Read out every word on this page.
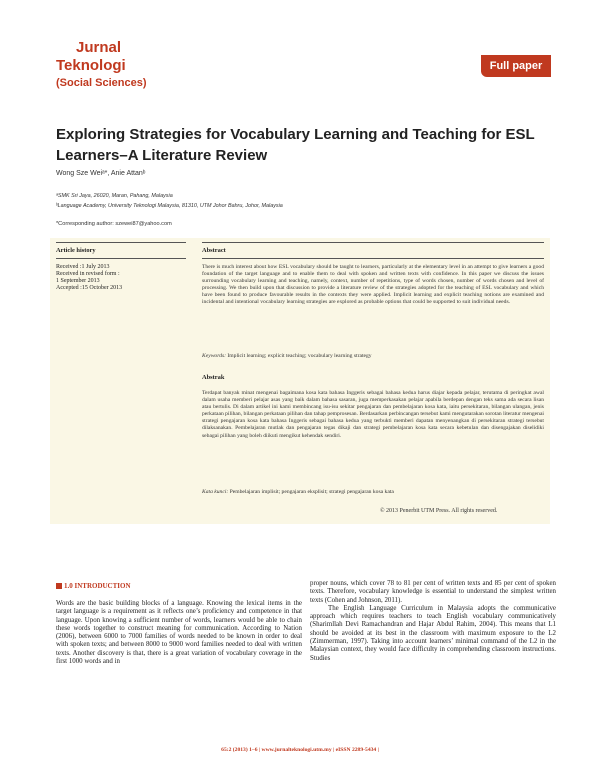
Jurnal
Teknologi
(Social Sciences)
Full paper
Exploring Strategies for Vocabulary Learning and Teaching for ESL Learners–A Literature Review
Wong Sze Weiᵃ*, Anie Attanᵇ
ᵃSMK Sri Jaya, 26020, Maran, Pahang, Malaysia
ᵇLanguage Academy, University Teknologi Malaysia, 81310, UTM Johor Bahru, Johor, Malaysia
*Corresponding author: szewei87@yahoo.com
Article history
Received :1 July 2013
Received in revised form :
1 September 2013
Accepted :15 October 2013
Abstract
There is much interest about how ESL vocabulary should be taught to learners, particularly at the elementary level in an attempt to give learners a good foundation of the target language and to enable them to deal with spoken and written texts with confidence. In this paper we discuss the issues surrounding vocabulary learning and teaching, namely, context, number of repetitions, type of words chosen, number of words chosen and level of processing. We then build upon that discussion to provide a literature review of the strategies adopted for the teaching of ESL vocabulary and which have been found to produce favourable results in the contexts they were applied. Implicit learning and explicit teaching notions are examined and incidental and intentional vocabulary learning strategies are explored as probable options that could be supported to suit individual needs.
Keywords: Implicit learning; explicit teaching; vocabulary learning strategy
Abstrak
Terdapat banyak minat mengenai bagaimana kosa kata bahasa Inggeris sebagai bahasa kedua harus diajar kepada pelajar, terutama di peringkat awal dalam usaha memberi pelajar asas yang baik dalam bahasa sasaran, juga memperkasakan pelajar apabila berdepan dengan teks sama ada secara lisan atau bertulis. Di dalam artikel ini kami membincang isu-isu sekitar pengajaran dan pembelajaran kosa kata, iaitu persekitaran, bilangan ulangan, jenis perkataan pilihan, bilangan perkataan pilihan dan tahap pemprosesan. Berdasarkan perbincangan tersebut kami mengutarakan sorotan literatur mengenai strategi pengajaran kosa kata bahasa Inggeris sebagai bahasa kedua yang terbukti memberi dapatan menyenangkan di persekitaran strategi tersebut dilaksanakan. Pembelajaran mutlak dan pengajaran tegas dikaji dan strategi pembelajaran kosa kata secara kebetulan dan disengajakan diselidiki sebagai pilihan yang boleh diikuti mengikut kehendak sendiri.
Kata kunci: Pembelajaran implisit; pengajaran eksplisit; strategi pengajaran kosa kata
© 2013 Penerbit UTM Press. All rights reserved.
1.0 INTRODUCTION
Words are the basic building blocks of a language. Knowing the lexical items in the target language is a requirement as it reflects one’s proficiency and competence in that language. Upon knowing a sufficient number of words, learners would be able to chain these words together to construct meaning for communication. According to Nation (2006), between 6000 to 7000 families of words needed to be known in order to deal with spoken texts; and between 8000 to 9000 word families needed to deal with written texts. Another discovery is that, there is a great variation of vocabulary coverage in the first 1000 words and in
proper nouns, which cover 78 to 81 per cent of written texts and 85 per cent of spoken texts. Therefore, vocabulary knowledge is essential to understand the simplest written texts (Cohen and Johnson, 2011).
The English Language Curriculum in Malaysia adopts the communicative approach which requires teachers to teach English vocabulary communicatively (Sharimllah Devi Ramachandran and Hajar Abdul Rahim, 2004). This means that L1 should be avoided at its best in the classroom with maximum exposure to the L2 (Zimmerman, 1997). Taking into account learners’ minimal command of the L2 in the Malaysian context, they would face difficulty in comprehending classroom instructions. Studies
65:2 (2013) 1–6 | www.jurnalteknologi.utm.my | eISSN 2289-5434 |
